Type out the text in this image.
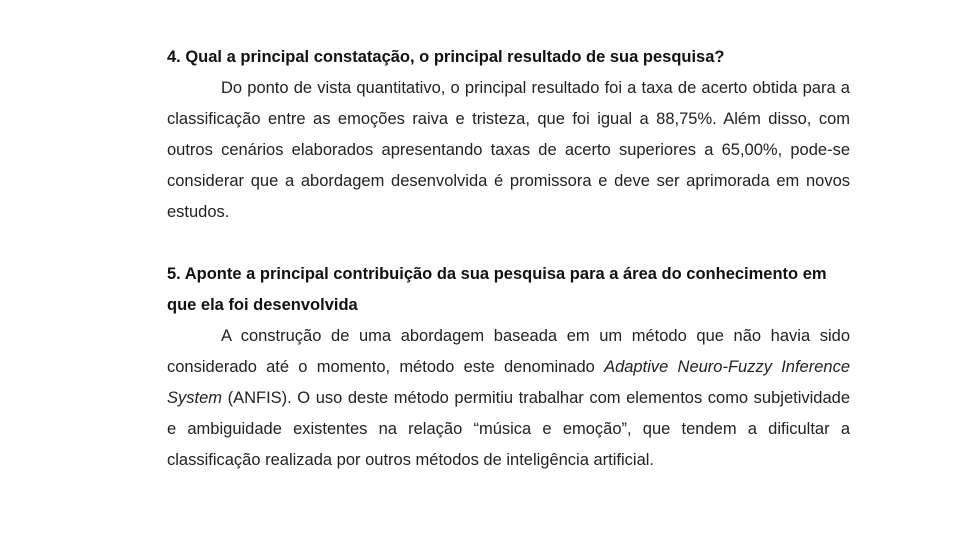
4. Qual a principal constatação, o principal resultado de sua pesquisa?

Do ponto de vista quantitativo, o principal resultado foi a taxa de acerto obtida para a classificação entre as emoções raiva e tristeza, que foi igual a 88,75%. Além disso, com outros cenários elaborados apresentando taxas de acerto superiores a 65,00%, pode-se considerar que a abordagem desenvolvida é promissora e deve ser aprimorada em novos estudos.

5. Aponte a principal contribuição da sua pesquisa para a área do conhecimento em que ela foi desenvolvida

A construção de uma abordagem baseada em um método que não havia sido considerado até o momento, método este denominado Adaptive Neuro-Fuzzy Inference System (ANFIS). O uso deste método permitiu trabalhar com elementos como subjetividade e ambiguidade existentes na relação “música e emoção”, que tendem a dificultar a classificação realizada por outros métodos de inteligência artificial.
